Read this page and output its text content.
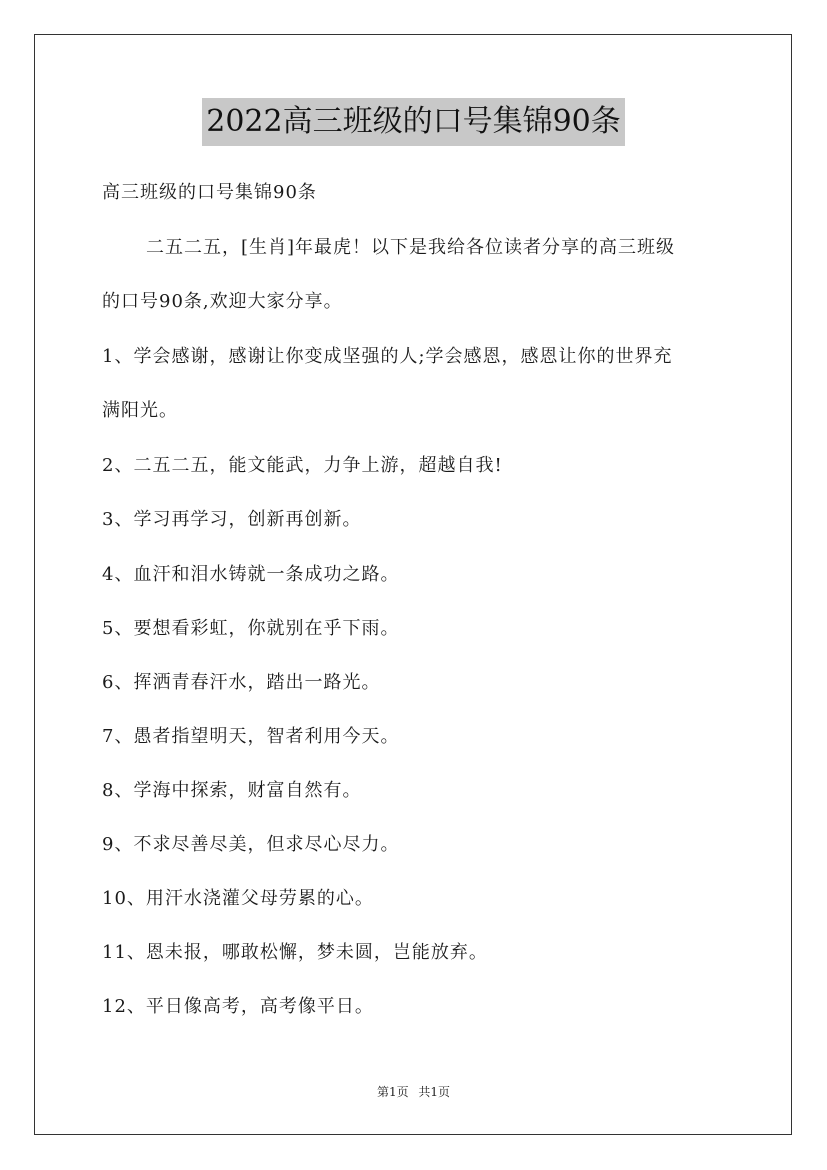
2022高三班级的口号集锦90条
高三班级的口号集锦90条
二五二五，[生肖]年最虎！以下是我给各位读者分享的高三班级
的口号90条,欢迎大家分享。
1、学会感谢，感谢让你变成坚强的人;学会感恩，感恩让你的世界充
满阳光。
2、二五二五，能文能武，力争上游，超越自我!
3、学习再学习，创新再创新。
4、血汗和泪水铸就一条成功之路。
5、要想看彩虹，你就别在乎下雨。
6、挥洒青春汗水，踏出一路光。
7、愚者指望明天，智者利用今天。
8、学海中探索，财富自然有。
9、不求尽善尽美，但求尽心尽力。
10、用汗水浇灌父母劳累的心。
11、恩未报，哪敢松懈，梦未圆，岂能放弃。
12、平日像高考，高考像平日。
第1页 共1页
